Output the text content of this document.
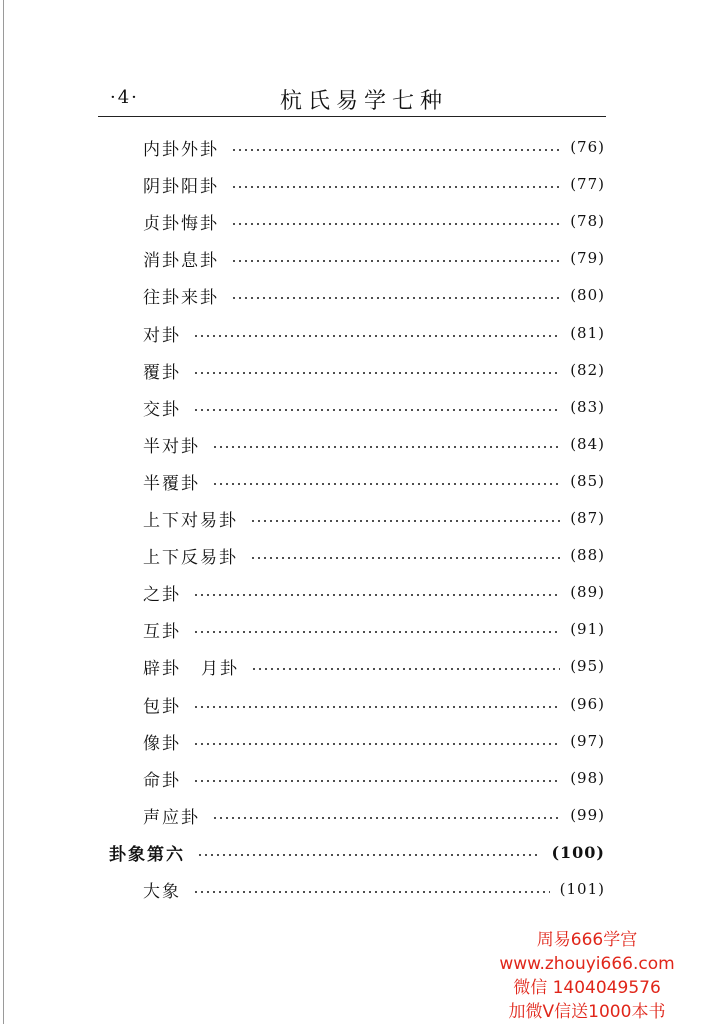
·4·	杭氏易学七种
内卦外卦	(76)
阴卦阳卦	(77)
贞卦悔卦	(78)
消卦息卦	(79)
往卦来卦	(80)
对卦	(81)
覆卦	(82)
交卦	(83)
半对卦	(84)
半覆卦	(85)
上下对易卦	(87)
上下反易卦	(88)
之卦	(89)
互卦	(91)
辟卦 月卦	(95)
包卦	(96)
像卦	(97)
命卦	(98)
声应卦	(99)
卦象第六	(100)
大象	(101)
周易666学宫
www.zhouyi666.com
微信 1404049576
加微V信送1000本书
